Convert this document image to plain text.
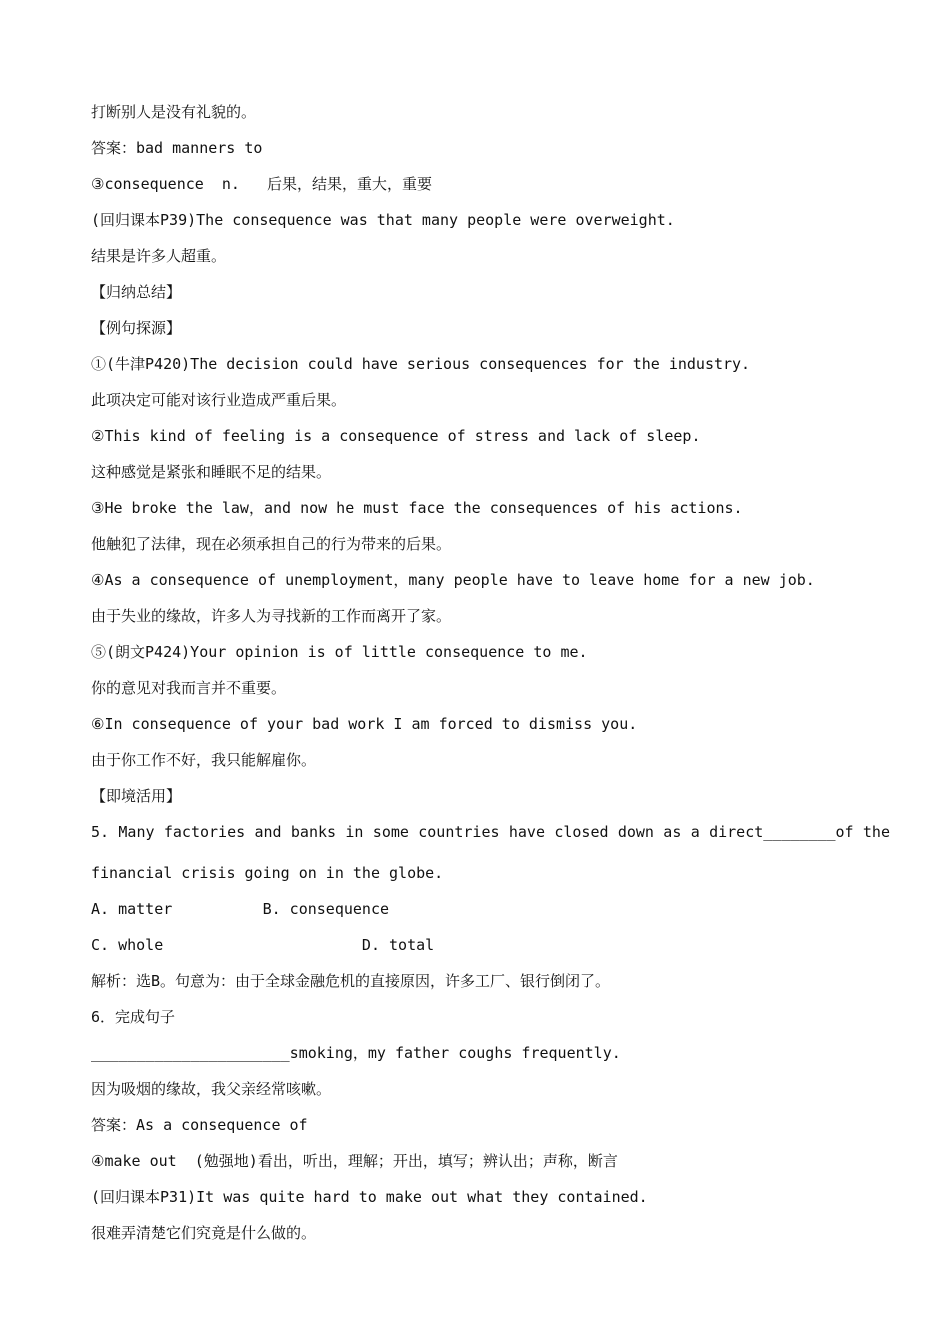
打断别人是没有礼貌的。
答案：bad manners to
③consequence  n.   后果，结果，重大，重要
(回归课本P39)The consequence was that many people were overweight.
结果是许多人超重。
【归纳总结】
【例句探源】
①(牛津P420)The decision could have serious consequences for the industry.
此项决定可能对该行业造成严重后果。
②This kind of feeling is a consequence of stress and lack of sleep.
这种感觉是紧张和睡眠不足的结果。
③He broke the law，and now he must face the consequences of his actions.
他触犯了法律，现在必须承担自己的行为带来的后果。
④As a consequence of unemployment，many people have to leave home for a new job.
由于失业的缘故，许多人为寻找新的工作而离开了家。
⑤(朗文P424)Your opinion is of little consequence to me.
你的意见对我而言并不重要。
⑥In consequence of your bad work I am forced to dismiss you.
由于你工作不好，我只能解雇你。
【即境活用】
5. Many factories and banks in some countries have closed down as a direct________of the
financial crisis going on in the globe.
A. matter          B. consequence
C. whole                      D. total
解析：选B。句意为：由于全球金融危机的直接原因，许多工厂、银行倒闭了。
6．完成句子
______________________smoking，my father coughs frequently.
因为吸烟的缘故，我父亲经常咳嗽。
答案：As a consequence of
④make out  (勉强地)看出，听出，理解；开出，填写；辨认出；声称，断言
(回归课本P31)It was quite hard to make out what they contained.
很难弄清楚它们究竟是什么做的。
